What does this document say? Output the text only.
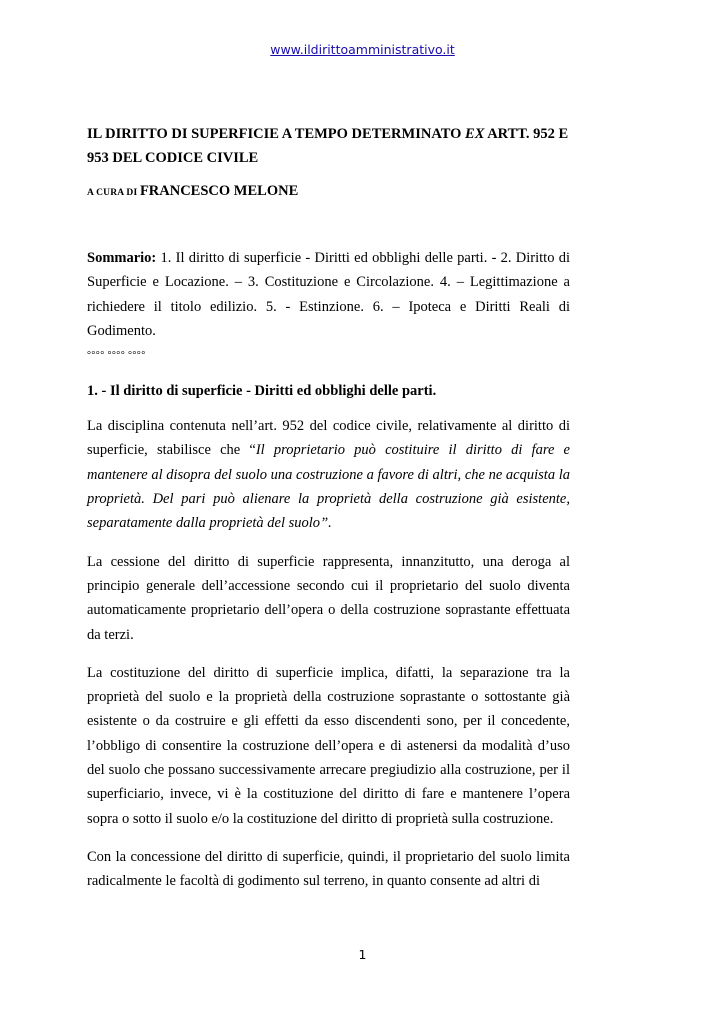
www.ildirittoamministrativo.it
IL DIRITTO DI SUPERFICIE A TEMPO DETERMINATO EX ARTT. 952 E 953 DEL CODICE CIVILE
A CURA DI FRANCESCO MELONE

Sommario: 1. Il diritto di superficie - Diritti ed obblighi delle parti. - 2. Diritto di Superficie e Locazione. – 3. Costituzione e Circolazione. 4. – Legittimazione a richiedere il titolo edilizio. 5. - Estinzione. 6. – Ipoteca e Diritti Reali di Godimento.

°°°° °°°° °°°°
1. - Il diritto di superficie - Diritti ed obblighi delle parti.

La disciplina contenuta nell’art. 952 del codice civile, relativamente al diritto di superficie, stabilisce che “Il proprietario può costituire il diritto di fare e mantenere al disopra del suolo una costruzione a favore di altri, che ne acquista la proprietà. Del pari può alienare la proprietà della costruzione già esistente, separatamente dalla proprietà del suolo”.

La cessione del diritto di superficie rappresenta, innanzitutto, una deroga al principio generale dell’accessione secondo cui il proprietario del suolo diventa automaticamente proprietario dell’opera o della costruzione soprastante effettuata da terzi.

La costituzione del diritto di superficie implica, difatti, la separazione tra la proprietà del suolo e la proprietà della costruzione soprastante o sottostante già esistente o da costruire e gli effetti da esso discendenti sono, per il concedente, l’obbligo di consentire la costruzione dell’opera e di astenersi da modalità d’uso del suolo che possano successivamente arrecare pregiudizio alla costruzione, per il superficiario, invece, vi è la costituzione del diritto di fare e mantenere l’opera sopra o sotto il suolo e/o la costituzione del diritto di proprietà sulla costruzione.

Con la concessione del diritto di superficie, quindi, il proprietario del suolo limita radicalmente le facoltà di godimento sul terreno, in quanto consente ad altri di

1
